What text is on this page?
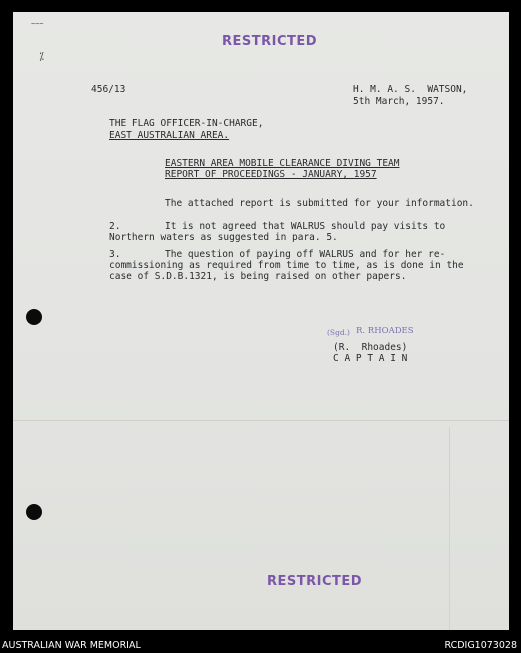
~~~
⁒
RESTRICTED
456/13	H. M. A. S.  WATSON,
5th March, 1957.
THE FLAG OFFICER-IN-CHARGE,
EAST AUSTRALIAN AREA.
EASTERN AREA MOBILE CLEARANCE DIVING TEAM
REPORT OF PROCEEDINGS - JANUARY, 1957
The attached report is submitted for your information.
2.	It is not agreed that WALRUS should pay visits to
Northern waters as suggested in para. 5.
3.	The question of paying off WALRUS and for her re-
commissioning as required from time to time, as is done in the
case of S.D.B.1321, is being raised on other papers.
(Sgd.) R. RHOADES
(R.  Rhoades)
C A P T A I N
RESTRICTED
AUSTRALIAN WAR MEMORIAL	RCDIG1073028
